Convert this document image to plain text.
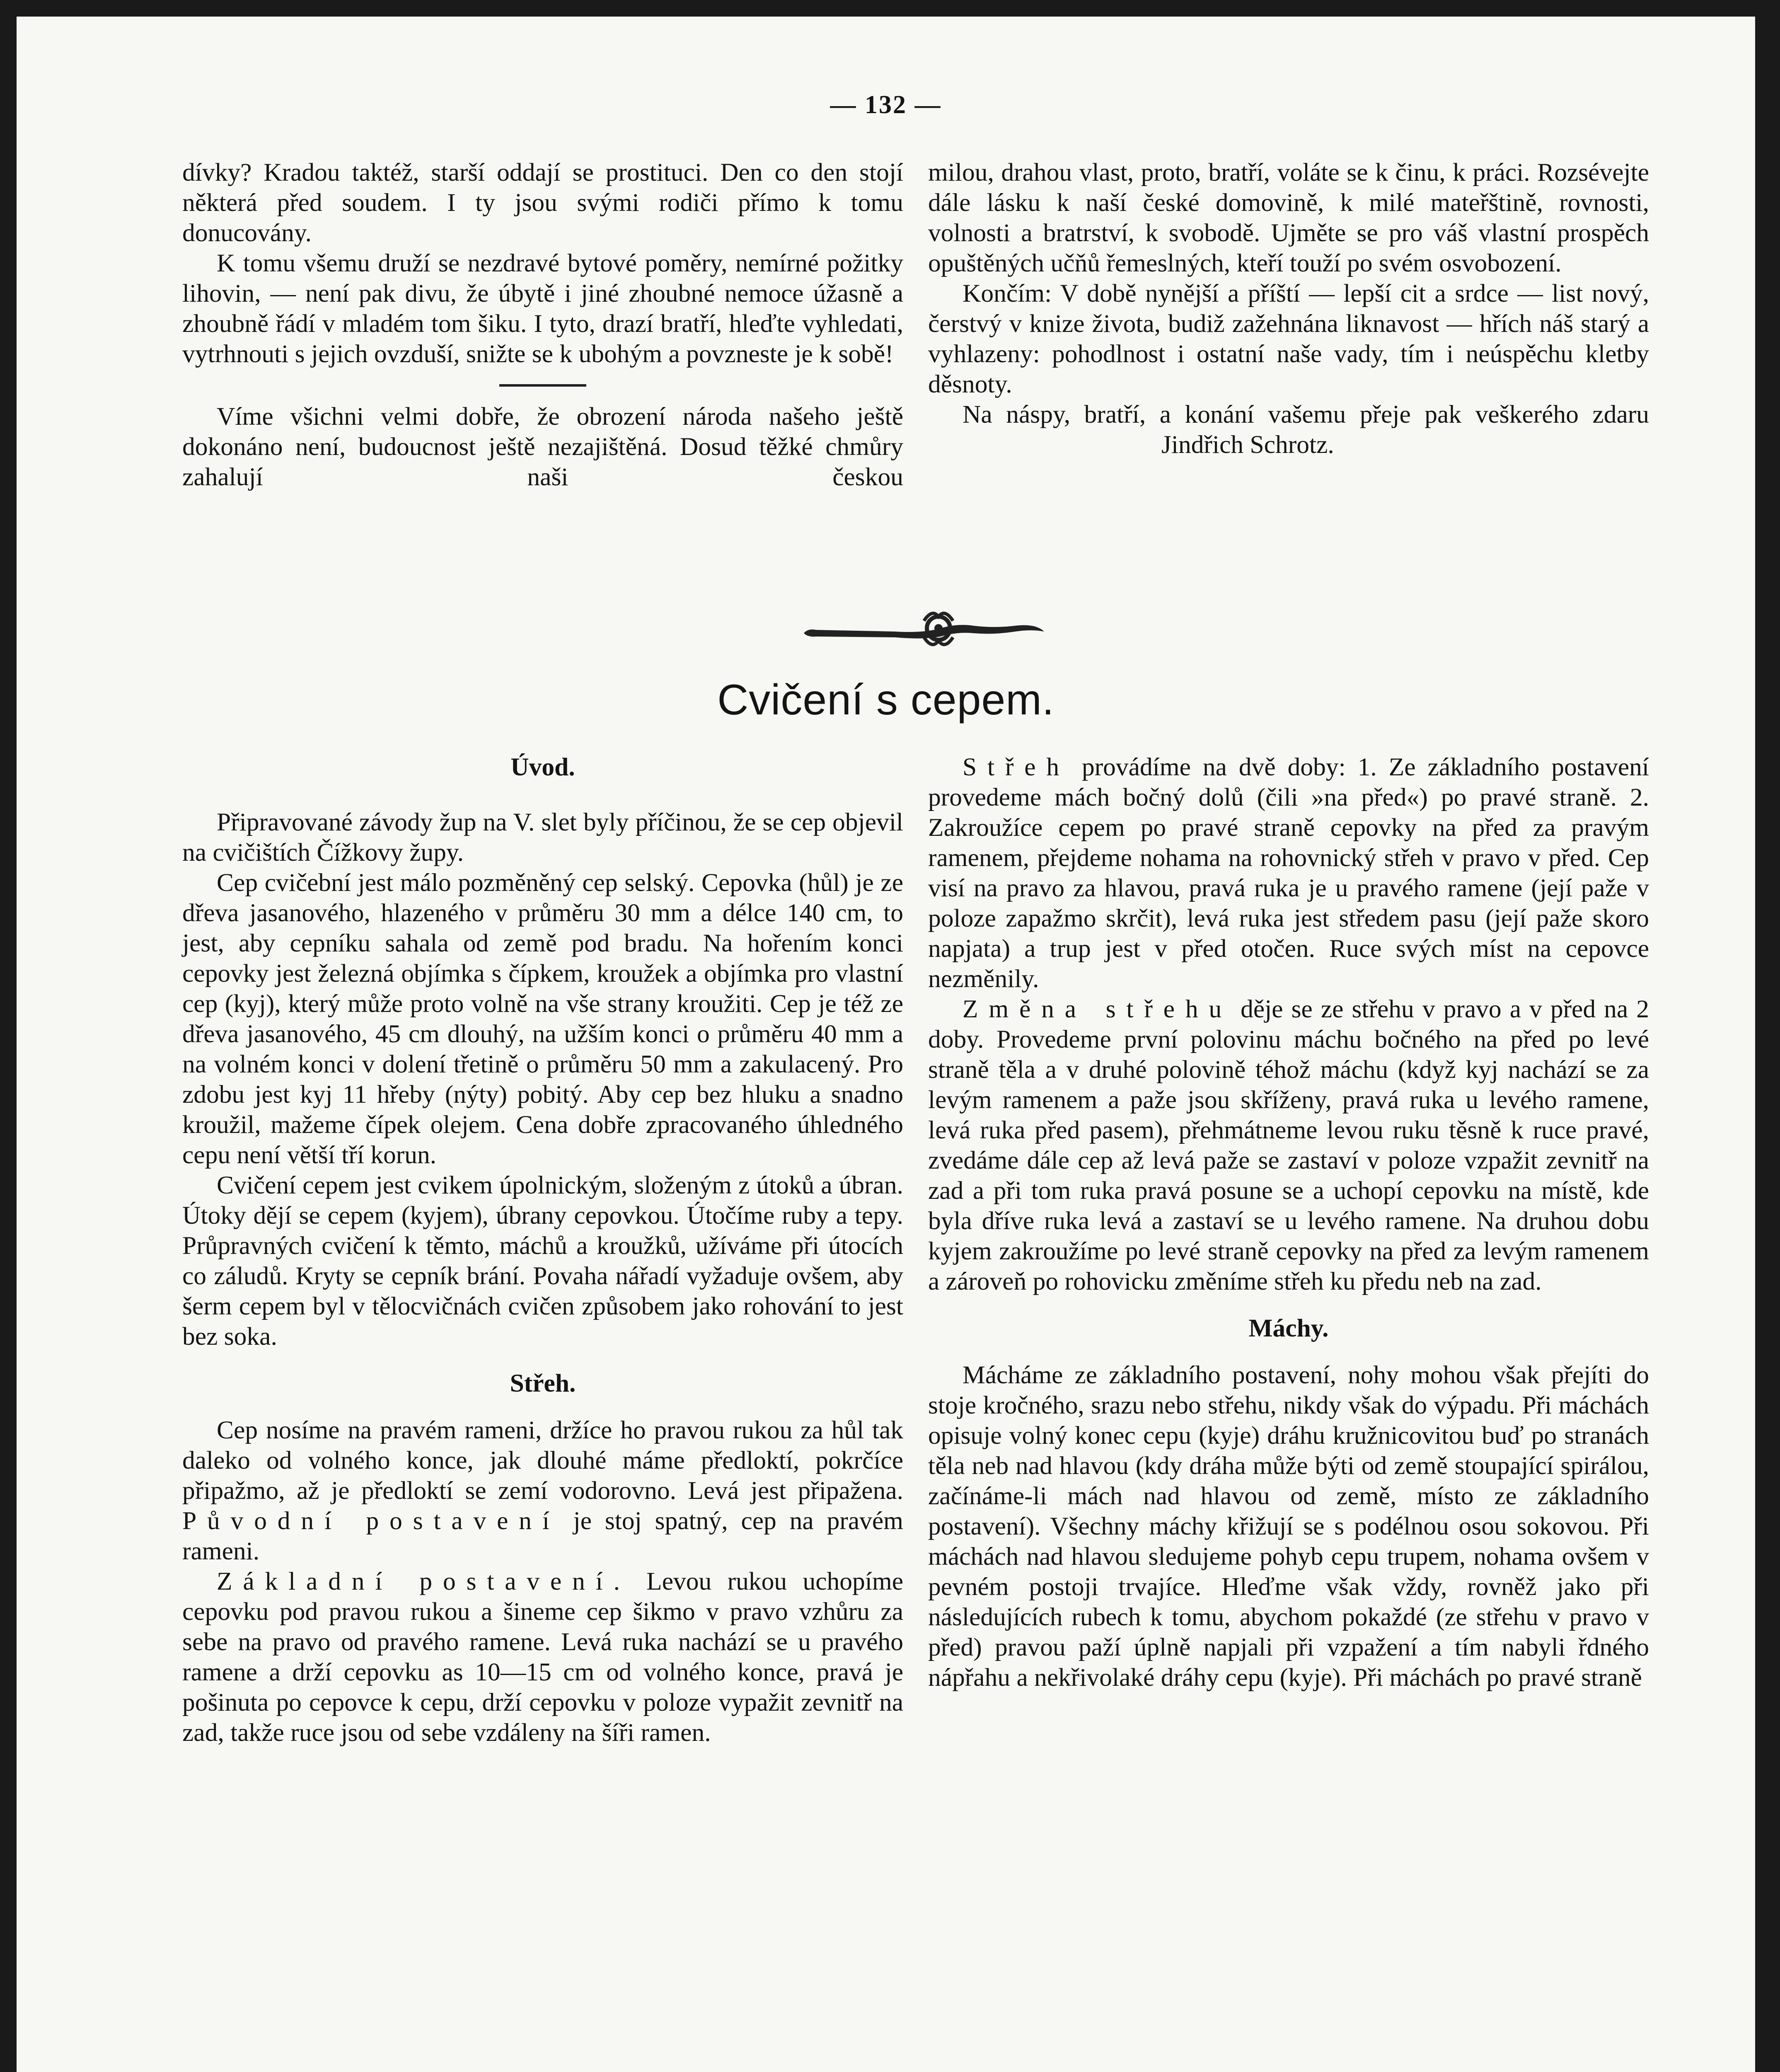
— 132 —

dívky? Kradou taktéž, starší oddají se prostituci. Den co den stojí některá před soudem. I ty jsou svými rodiči přímo k tomu donucovány.

K tomu všemu druží se nezdravé bytové poměry, nemírné požitky lihovin, — není pak divu, že úbytě i jiné zhoubné nemoce úžasně a zhoubně řádí v mladém tom šiku. I tyto, drazí bratří, hleďte vyhledati, vytrhnouti s jejich ovzduší, snižte se k ubohým a povzneste je k sobě!

Víme všichni velmi dobře, že obrození národa našeho ještě dokonáno není, budoucnost ještě nezajištěná. Dosud těžké chmůry zahalují naši českou

milou, drahou vlast, proto, bratří, voláte se k činu, k práci. Rozsévejte dále lásku k naší české domovině, k milé mateřštině, rovnosti, volnosti a bratrství, k svobodě. Ujměte se pro váš vlastní prospěch opuštěných učňů řemeslných, kteří touží po svém osvobození.

Končím: V době nynější a příští — lepší cit a srdce — list nový, čerstvý v knize života, budiž zažehnána liknavost — hřích náš starý a vyhlazeny: pohodlnost i ostatní naše vady, tím i neúspěchu kletby děsnoty.

Na náspy, bratří, a konání vašemu přeje pak veškerého zdaruJindřich Schrotz.

Cvičení s cepem.
Úvod.

Připravované závody žup na V. slet byly příčinou, že se cep objevil na cvičištích Čížkovy župy.

Cep cvičební jest málo pozměněný cep selský. Cepovka (hůl) je ze dřeva jasanového, hlazeného v průměru 30 mm a délce 140 cm, to jest, aby cepníku sahala od země pod bradu. Na hořením konci cepovky jest železná objímka s čípkem, kroužek a objímka pro vlastní cep (kyj), který může proto volně na vše strany kroužiti. Cep je též ze dřeva jasanového, 45 cm dlouhý, na užším konci o průměru 40 mm a na volném konci v dolení třetině o průměru 50 mm a zakulacený. Pro zdobu jest kyj 11 hřeby (nýty) pobitý. Aby cep bez hluku a snadno kroužil, mažeme čípek olejem. Cena dobře zpracovaného úhledného cepu není větší tří korun.

Cvičení cepem jest cvikem úpolnickým, složeným z útoků a úbran. Útoky dějí se cepem (kyjem), úbrany cepovkou. Útočíme ruby a tepy. Průpravných cvičení k těmto, máchů a kroužků, užíváme při útocích co záludů. Kryty se cepník brání. Povaha nářadí vyžaduje ovšem, aby šerm cepem byl v tělocvičnách cvičen způsobem jako rohování to jest bez soka.

Střeh.

Cep nosíme na pravém rameni, držíce ho pravou rukou za hůl tak daleko od volného konce, jak dlouhé máme předloktí, pokrčíce připažmo, až je předloktí se zemí vodorovno. Levá jest připažena. Původní postavení je stoj spatný, cep na pravém rameni.

Základní postavení. Levou rukou uchopíme cepovku pod pravou rukou a šineme cep šikmo v pravo vzhůru za sebe na pravo od pravého ramene. Levá ruka nachází se u pravého ramene a drží cepovku as 10—15 cm od volného konce, pravá je pošinuta po cepovce k cepu, drží cepovku v poloze vypažit zevnitř na zad, takže ruce jsou od sebe vzdáleny na šíři ramen.

Střeh provádíme na dvě doby: 1. Ze základního postavení provedeme mách bočný dolů (čili »na před«) po pravé straně. 2. Zakroužíce cepem po pravé straně cepovky na před za pravým ramenem, přejdeme nohama na rohovnický střeh v pravo v před. Cep visí na pravo za hlavou, pravá ruka je u pravého ramene (její paže v poloze zapažmo skrčit), levá ruka jest středem pasu (její paže skoro napjata) a trup jest v před otočen. Ruce svých míst na cepovce nezměnily.

Změna střehu děje se ze střehu v pravo a v před na 2 doby. Provedeme první polovinu máchu bočného na před po levé straně těla a v druhé polovině téhož máchu (když kyj nachází se za levým ramenem a paže jsou skříženy, pravá ruka u levého ramene, levá ruka před pasem), přehmátneme levou ruku těsně k ruce pravé, zvedáme dále cep až levá paže se zastaví v poloze vzpažit zevnitř na zad a při tom ruka pravá posune se a uchopí cepovku na místě, kde byla dříve ruka levá a zastaví se u levého ramene. Na druhou dobu kyjem zakroužíme po levé straně cepovky na před za levým ramenem a zároveň po rohovicku změníme střeh ku předu neb na zad.

Máchy.

Mácháme ze základního postavení, nohy mohou však přejíti do stoje kročného, srazu nebo střehu, nikdy však do výpadu. Při máchách opisuje volný konec cepu (kyje) dráhu kružnicovitou buď po stranách těla neb nad hlavou (kdy dráha může býti od země stoupající spirálou, začínáme-li mách nad hlavou od země, místo ze základního postavení). Všechny máchy křižují se s podélnou osou sokovou. Při máchách nad hlavou sledujeme pohyb cepu trupem, nohama ovšem v pevném postoji trvajíce. Hleďme však vždy, rovněž jako při následujících rubech k tomu, abychom pokaždé (ze střehu v pravo v před) pravou paží úplně napjali při vzpažení a tím nabyli řdného nápřahu a nekřivolaké dráhy cepu (kyje). Při máchách po pravé straně
